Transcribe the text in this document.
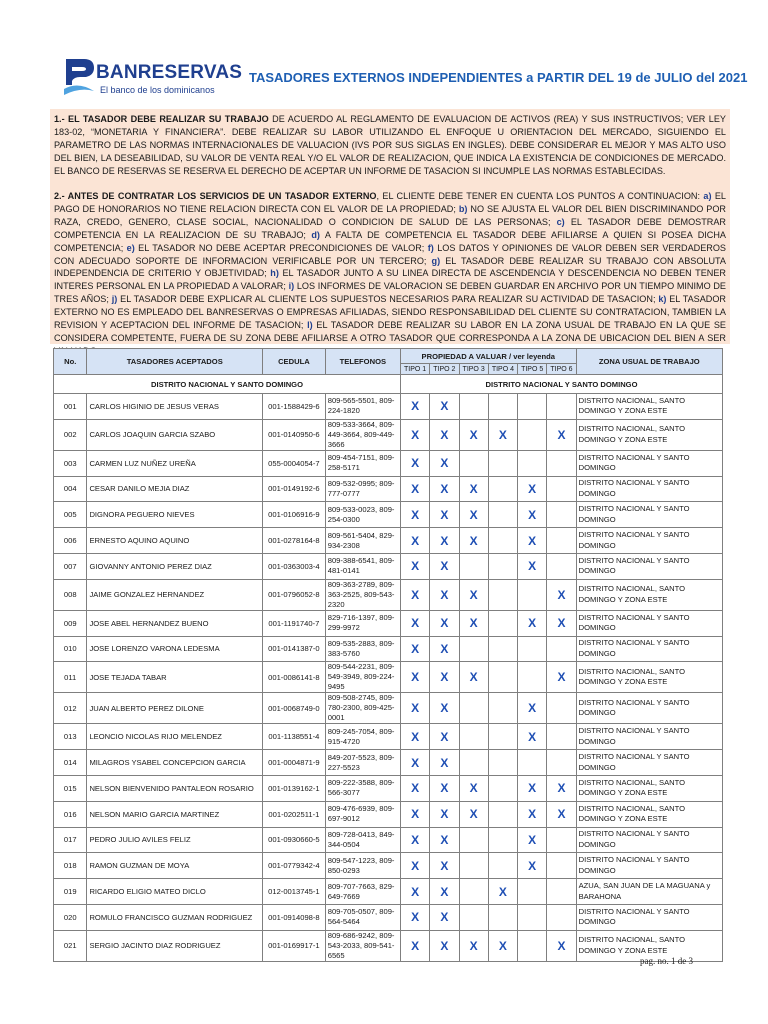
BANRESERVAS
El banco de los dominicanos
TASADORES EXTERNOS INDEPENDIENTES a PARTIR DEL 19 de JULIO del 2021
1.- EL TASADOR DEBE REALIZAR SU TRABAJO DE ACUERDO AL REGLAMENTO DE EVALUACION DE ACTIVOS (REA) Y SUS INSTRUCTIVOS; VER LEY 183-02, “MONETARIA Y FINANCIERA”. DEBE REALIZAR SU LABOR UTILIZANDO EL ENFOQUE U ORIENTACION DEL MERCADO, SIGUIENDO EL PARAMETRO DE LAS NORMAS INTERNACIONALES DE VALUACION (IVS POR SUS SIGLAS EN INGLES). DEBE CONSIDERAR EL MEJOR Y MAS ALTO USO DEL BIEN, LA DESEABILIDAD, SU VALOR DE VENTA REAL Y/O EL VALOR DE REALIZACION, QUE INDICA LA EXISTENCIA DE CONDICIONES DE MERCADO. EL BANCO DE RESERVAS SE RESERVA EL DERECHO DE ACEPTAR UN INFORME DE TASACION SI INCUMPLE LAS NORMAS ESTABLECIDAS.
2.- ANTES DE CONTRATAR LOS SERVICIOS DE UN TASADOR EXTERNO, EL CLIENTE DEBE TENER EN CUENTA LOS PUNTOS A CONTINUACION: a) EL PAGO DE HONORARIOS NO TIENE RELACION DIRECTA CON EL VALOR DE LA PROPIEDAD; b) NO SE AJUSTA EL VALOR DEL BIEN DISCRIMINANDO POR RAZA, CREDO, GENERO, CLASE SOCIAL, NACIONALIDAD O CONDICION DE SALUD DE LAS PERSONAS; c) EL TASADOR DEBE DEMOSTRAR COMPETENCIA EN LA REALIZACION DE SU TRABAJO; d) A FALTA DE COMPETENCIA EL TASADOR DEBE AFILIARSE A QUIEN SI POSEA DICHA COMPETENCIA; e) EL TASADOR NO DEBE ACEPTAR PRECONDICIONES DE VALOR; f) LOS DATOS Y OPINIONES DE VALOR DEBEN SER VERDADEROS CON ADECUADO SOPORTE DE INFORMACION VERIFICABLE POR UN TERCERO; g) EL TASADOR DEBE REALIZAR SU TRABAJO CON ABSOLUTA INDEPENDENCIA DE CRITERIO Y OBJETIVIDAD; h) EL TASADOR JUNTO A SU LINEA DIRECTA DE ASCENDENCIA Y DESCENDENCIA NO DEBEN TENER INTERES PERSONAL EN LA PROPIEDAD A VALORAR; i) LOS INFORMES DE VALORACION SE DEBEN GUARDAR EN ARCHIVO POR UN TIEMPO MINIMO DE TRES AÑOS; j) EL TASADOR DEBE EXPLICAR AL CLIENTE LOS SUPUESTOS NECESARIOS PARA REALIZAR SU ACTIVIDAD DE TASACION; k) EL TASADOR EXTERNO NO ES EMPLEADO DEL BANRESERVAS O EMPRESAS AFILIADAS, SIENDO RESPONSABILIDAD DEL CLIENTE SU CONTRATACION, TAMBIEN LA REVISION Y ACEPTACION DEL INFORME DE TASACION; l) EL TASADOR DEBE REALIZAR SU LABOR EN LA ZONA USUAL DE TRABAJO EN LA QUE SE CONSIDERA COMPETENTE, FUERA DE SU ZONA DEBE AFILIARSE A OTRO TASADOR QUE CORRESPONDA A LA ZONA DE UBICACION DEL BIEN A SER
No.	TASADORES ACEPTADOS	CEDULA	TELEFONOS	PROPIEDAD A VALUAR / ver leyenda						ZONA USUAL DE TRABAJO
				TIPO 1	TIPO 2	TIPO 3	TIPO 4	TIPO 5	TIPO 6	
DISTRITO NACIONAL Y SANTO DOMINGO				DISTRITO NACIONAL Y SANTO DOMINGO						
001	CARLOS HIGINIO DE JESUS VERAS	001-1588429-6	809-565-5501, 809-224-1820	X	X					DISTRITO NACIONAL, SANTO DOMINGO Y ZONA ESTE
002	CARLOS JOAQUIN GARCIA SZABO	001-0140950-6	809-533-3664, 809-449-3664, 809-449-3666	X	X	X	X		X	DISTRITO NACIONAL, SANTO DOMINGO Y ZONA ESTE
003	CARMEN LUZ NUÑEZ UREÑA	055-0004054-7	809-454-7151, 809-258-5171	X	X					DISTRITO NACIONAL Y SANTO DOMINGO
004	CESAR DANILO MEJIA DIAZ	001-0149192-6	809-532-0995; 809-777-0777	X	X	X		X		DISTRITO NACIONAL Y SANTO DOMINGO
005	DIGNORA PEGUERO NIEVES	001-0106916-9	809-533-0023, 809-254-0300	X	X	X		X		DISTRITO NACIONAL Y SANTO DOMINGO
006	ERNESTO AQUINO AQUINO	001-0278164-8	809-561-5404, 829-934-2308	X	X	X		X		DISTRITO NACIONAL Y SANTO DOMINGO
007	GIOVANNY ANTONIO PEREZ DIAZ	001-0363003-4	809-388-6541, 809-481-0141	X	X			X		DISTRITO NACIONAL Y SANTO DOMINGO
008	JAIME GONZALEZ HERNANDEZ	001-0796052-8	809-363-2789, 809-363-2525, 809-543-2320	X	X	X			X	DISTRITO NACIONAL, SANTO DOMINGO Y ZONA ESTE
009	JOSE ABEL HERNANDEZ BUENO	001-1191740-7	829-716-1397, 809-299-9972	X	X	X		X	X	DISTRITO NACIONAL Y SANTO DOMINGO
010	JOSE LORENZO VARONA LEDESMA	001-0141387-0	809-535-2883, 809-383-5760	X	X					DISTRITO NACIONAL Y SANTO DOMINGO
011	JOSE TEJADA TABAR	001-0086141-8	809-544-2231, 809-549-3949, 809-224-9495	X	X	X			X	DISTRITO NACIONAL, SANTO DOMINGO Y ZONA ESTE
012	JUAN ALBERTO PEREZ DILONE	001-0068749-0	809-508-2745, 809-780-2300, 809-425-0001	X	X			X		DISTRITO NACIONAL Y SANTO DOMINGO
013	LEONCIO NICOLAS RIJO MELENDEZ	001-1138551-4	809-245-7054, 809-915-4720	X	X			X		DISTRITO NACIONAL Y SANTO DOMINGO
014	MILAGROS YSABEL CONCEPCION GARCIA	001-0004871-9	849-207-5523, 809-227-5523	X	X					DISTRITO NACIONAL Y SANTO DOMINGO
015	NELSON BIENVENIDO PANTALEON ROSARIO	001-0139162-1	809-222-3588, 809-566-3077	X	X	X		X	X	DISTRITO NACIONAL, SANTO DOMINGO Y ZONA ESTE
016	NELSON MARIO GARCIA MARTINEZ	001-0202511-1	809-476-6939, 809-697-9012	X	X	X		X	X	DISTRITO NACIONAL, SANTO DOMINGO Y ZONA ESTE
017	PEDRO JULIO AVILES FELIZ	001-0930660-5	809-728-0413, 849-344-0504	X	X			X		DISTRITO NACIONAL Y SANTO DOMINGO
018	RAMON GUZMAN DE MOYA	001-0779342-4	809-547-1223, 809-850-0293	X	X			X		DISTRITO NACIONAL Y SANTO DOMINGO
019	RICARDO ELIGIO MATEO DICLO	012-0013745-1	809-707-7663, 829-649-7669	X	X		X			AZUA, SAN JUAN DE LA MAGUANA y BARAHONA
020	ROMULO FRANCISCO GUZMAN RODRIGUEZ	001-0914098-8	809-705-0507, 809-564-5464	X	X					DISTRITO NACIONAL Y SANTO DOMINGO
021	SERGIO JACINTO DIAZ RODRIGUEZ	001-0169917-1	809-686-9242, 809-543-2033, 809-541-6565	X	X	X	X		X	DISTRITO NACIONAL, SANTO DOMINGO Y ZONA ESTE
pag. no. 1 de 3
